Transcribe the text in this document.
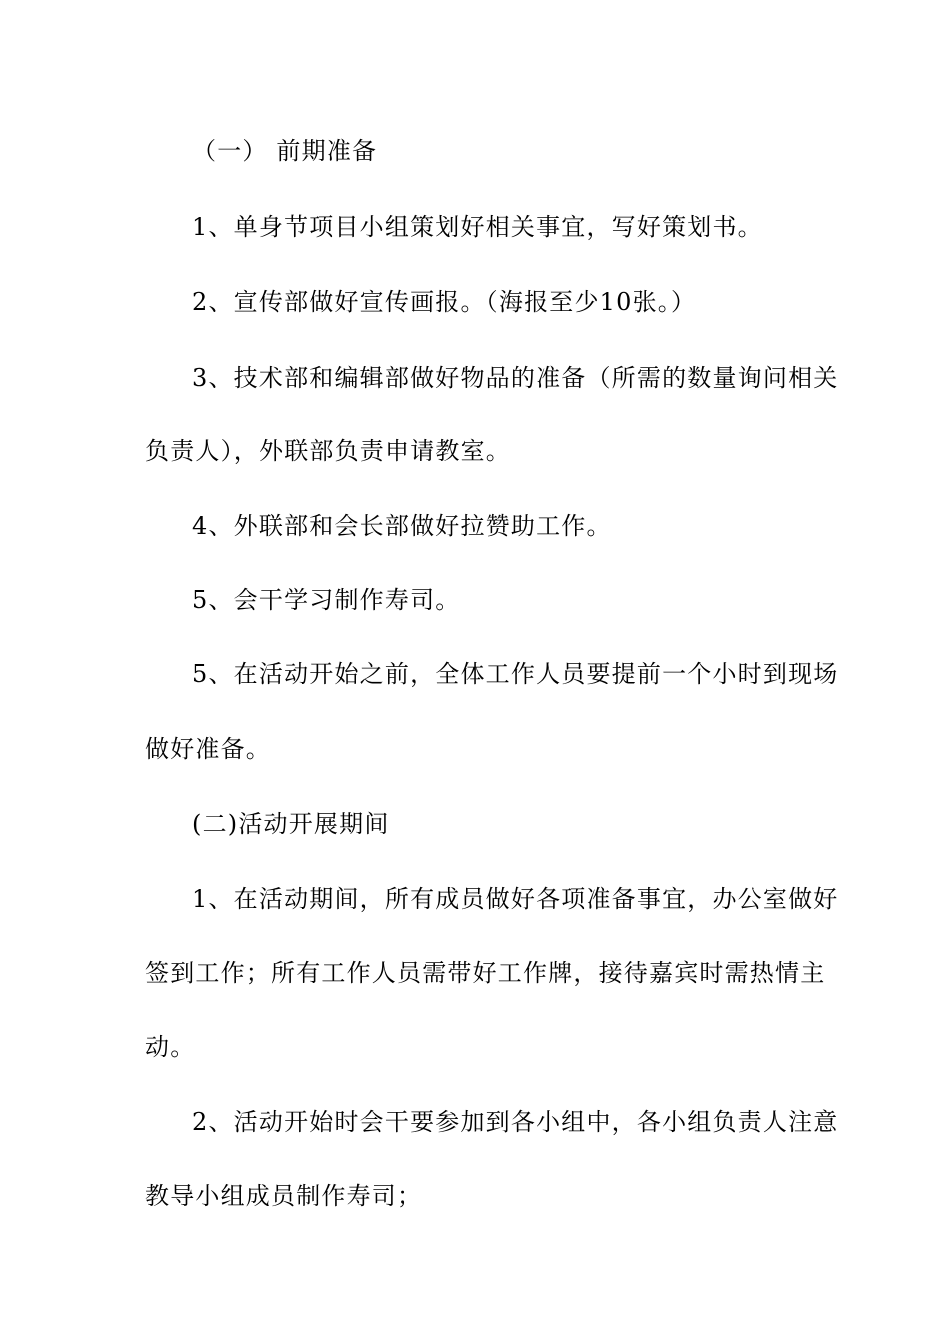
（一） 前期准备
1、单身节项目小组策划好相关事宜，写好策划书。
2、宣传部做好宣传画报。（海报至少10张。）
3、技术部和编辑部做好物品的准备（所需的数量询问相关
负责人），外联部负责申请教室。
4、外联部和会长部做好拉赞助工作。
5、会干学习制作寿司。
5、在活动开始之前，全体工作人员要提前一个小时到现场
做好准备。
(二)活动开展期间
1、在活动期间，所有成员做好各项准备事宜，办公室做好
签到工作；所有工作人员需带好工作牌，接待嘉宾时需热情主
动。
2、活动开始时会干要参加到各小组中，各小组负责人注意
教导小组成员制作寿司；
